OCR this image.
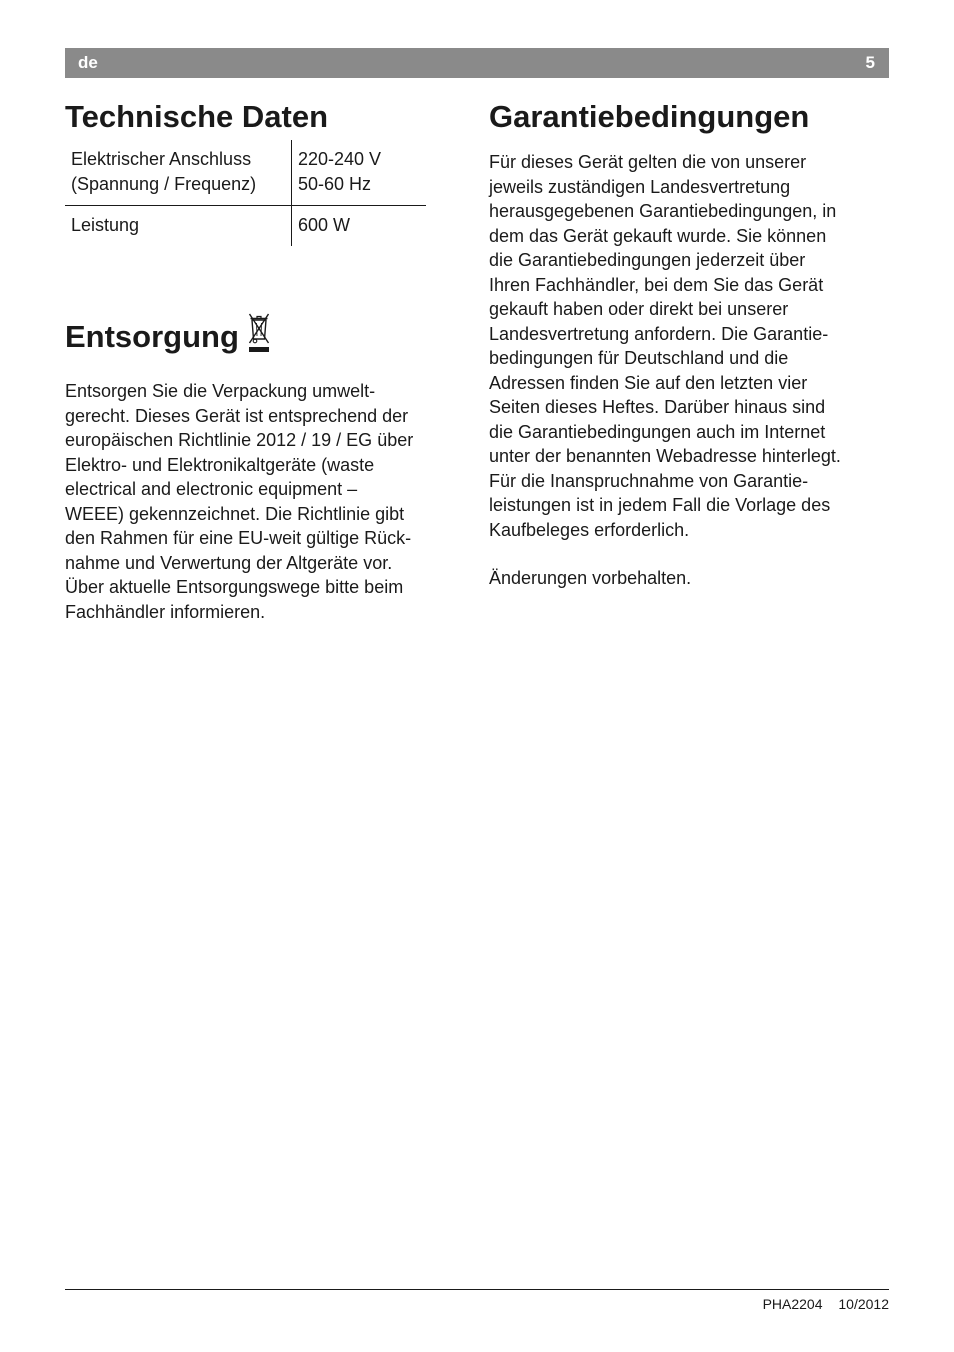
de	5
Technische Daten
Elektrischer Anschluss
(Spannung / Frequenz)	220-240 V
50-60 Hz
Leistung	600 W
Entsorgung

Entsorgen Sie die Verpackung umwelt-
gerecht. Dieses Gerät ist entsprechend der
europäischen Richtlinie 2012 / 19 / EG über
Elektro- und Elektronikaltgeräte (waste
electrical and electronic equipment –
WEEE) gekennzeichnet. Die Richtlinie gibt
den Rahmen für eine EU-weit gültige Rück-
nahme und Verwertung der Altgeräte vor.
Über aktuelle Entsorgungswege bitte beim
Fachhändler informieren.

Garantiebedingungen

Für dieses Gerät gelten die von unserer
jeweils zuständigen Landesvertretung
herausgegebenen Garantiebedingungen, in
dem das Gerät gekauft wurde. Sie können
die Garantiebedingungen jederzeit über
Ihren Fachhändler, bei dem Sie das Gerät
gekauft haben oder direkt bei unserer
Landesvertretung anfordern. Die Garantie-
bedingungen für Deutschland und die
Adressen finden Sie auf den letzten vier
Seiten dieses Heftes. Darüber hinaus sind
die Garantiebedingungen auch im Internet
unter der benannten Webadresse hinterlegt.
Für die Inanspruchnahme von Garantie-
leistungen ist in jedem Fall die Vorlage des
Kaufbeleges erforderlich.

Änderungen vorbehalten.

PHA2204 10/2012
